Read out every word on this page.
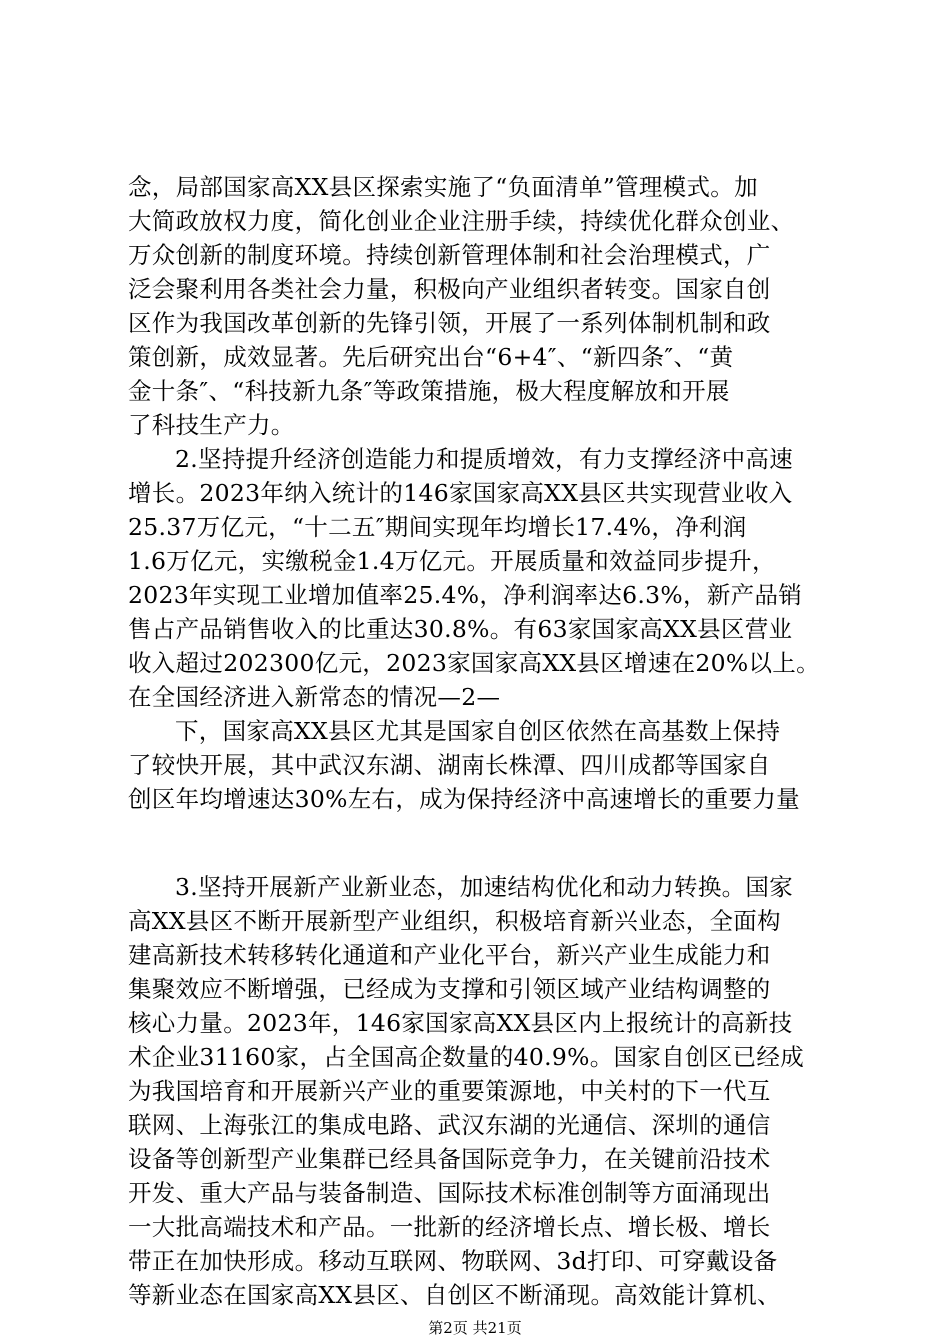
念，局部国家高XX县区探索实施了“负面清单”管理模式。加
大简政放权力度，简化创业企业注册手续，持续优化群众创业、
万众创新的制度环境。持续创新管理体制和社会治理模式，广
泛会聚利用各类社会力量，积极向产业组织者转变。国家自创
区作为我国改革创新的先锋引领，开展了一系列体制机制和政
策创新，成效显著。先后研究出台“6+4″、“新四条″、“黄
金十条″、“科技新九条″等政策措施，极大程度解放和开展
了科技生产力。
2.坚持提升经济创造能力和提质增效，有力支撑经济中高速
增长。2023年纳入统计的146家国家高XX县区共实现营业收入
25.37万亿元，“十二五″期间实现年均增长17.4%，净利润
1.6万亿元，实缴税金1.4万亿元。开展质量和效益同步提升，
2023年实现工业增加值率25.4%，净利润率达6.3%，新产品销
售占产品销售收入的比重达30.8%。有63家国家高XX县区营业
收入超过202300亿元，2023家国家高XX县区增速在20%以上。
在全国经济进入新常态的情况—2—
下，国家高XX县区尤其是国家自创区依然在高基数上保持
了较快开展，其中武汉东湖、湖南长株潭、四川成都等国家自
创区年均增速达30%左右，成为保持经济中高速增长的重要力量
3.坚持开展新产业新业态，加速结构优化和动力转换。国家
高XX县区不断开展新型产业组织，积极培育新兴业态，全面构
建高新技术转移转化通道和产业化平台，新兴产业生成能力和
集聚效应不断增强，已经成为支撑和引领区域产业结构调整的
核心力量。2023年，146家国家高XX县区内上报统计的高新技
术企业31160家，占全国高企数量的40.9%。国家自创区已经成
为我国培育和开展新兴产业的重要策源地，中关村的下一代互
联网、上海张江的集成电路、武汉东湖的光通信、深圳的通信
设备等创新型产业集群已经具备国际竞争力，在关键前沿技术
开发、重大产品与装备制造、国际技术标准创制等方面涌现出
一大批高端技术和产品。一批新的经济增长点、增长极、增长
带正在加快形成。移动互联网、物联网、3d打印、可穿戴设备
等新业态在国家高XX县区、自创区不断涌现。高效能计算机、
第2页 共21页
